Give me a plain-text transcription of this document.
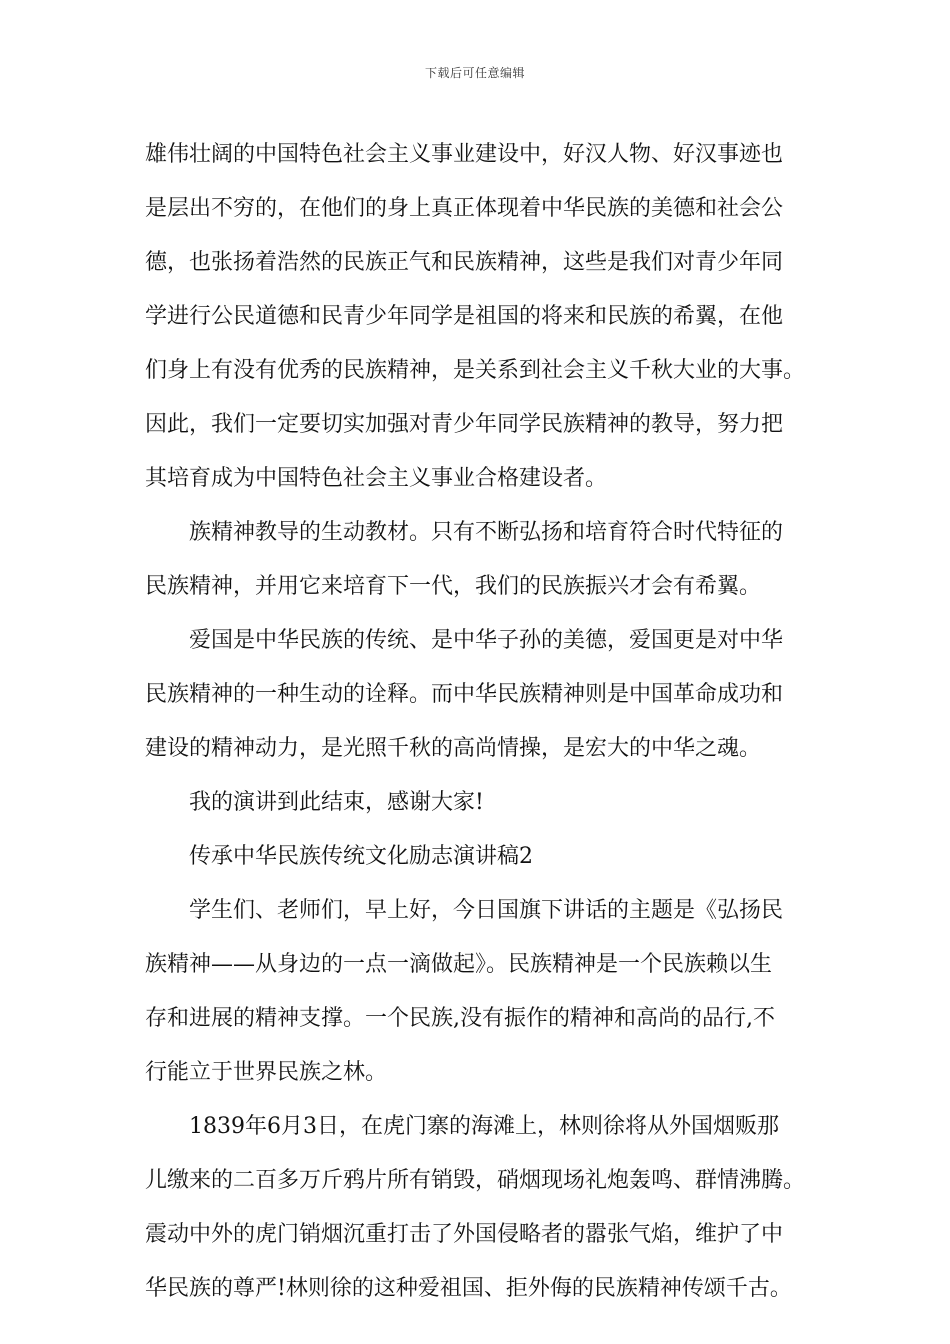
下载后可任意编辑
雄伟壮阔的中国特色社会主义事业建设中，好汉人物、好汉事迹也
是层出不穷的，在他们的身上真正体现着中华民族的美德和社会公
德，也张扬着浩然的民族正气和民族精神，这些是我们对青少年同
学进行公民道德和民青少年同学是祖国的将来和民族的希翼，在他
们身上有没有优秀的民族精神，是关系到社会主义千秋大业的大事。
因此，我们一定要切实加强对青少年同学民族精神的教导，努力把
其培育成为中国特色社会主义事业合格建设者。
族精神教导的生动教材。只有不断弘扬和培育符合时代特征的
民族精神，并用它来培育下一代，我们的民族振兴才会有希翼。
爱国是中华民族的传统、是中华子孙的美德，爱国更是对中华
民族精神的一种生动的诠释。而中华民族精神则是中国革命成功和
建设的精神动力，是光照千秋的高尚情操，是宏大的中华之魂。
我的演讲到此结束，感谢大家!
传承中华民族传统文化励志演讲稿2
学生们、老师们，早上好，今日国旗下讲话的主题是《弘扬民
族精神——从身边的一点一滴做起》。民族精神是一个民族赖以生
存和进展的精神支撑。一个民族,没有振作的精神和高尚的品行,不
行能立于世界民族之林。
1839年6月3日，在虎门寨的海滩上，林则徐将从外国烟贩那
儿缴来的二百多万斤鸦片所有销毁，硝烟现场礼炮轰鸣、群情沸腾。
震动中外的虎门销烟沉重打击了外国侵略者的嚣张气焰，维护了中
华民族的尊严!林则徐的这种爱祖国、拒外侮的民族精神传颂千古。
